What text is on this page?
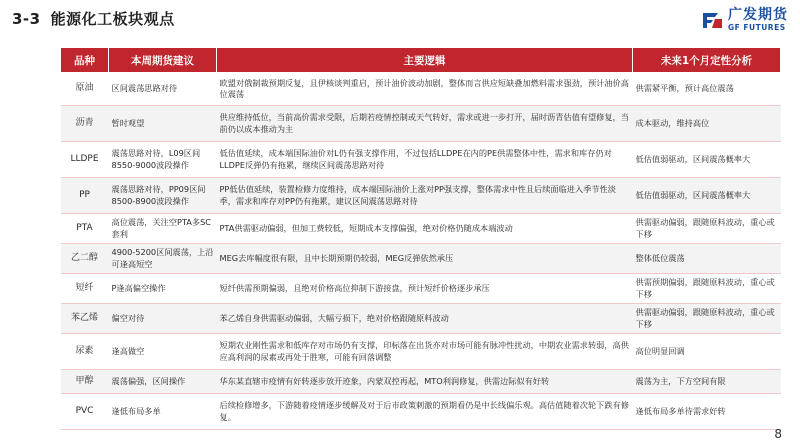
3-3 能源化工板块观点	广发期货
GF FUTURES
品种	本周期货建议	主要逻辑	未来1个月定性分析
原油	区间震荡思路对待	欧盟对俄制裁预期反复，且伊核谈判重启，预计油价波动加剧，整体而言供应短缺叠加燃料需求强劲，预计油价高位震荡	供需紧平衡，预计高位震荡
沥青	暂时观望	供应维持低位，当前高价需求受限，后期若疫情控制或天气转好，需求或进一步打开，届时沥青估值有望修复，当前仍以成本推动为主	成本驱动，维持高位
LLDPE	震荡思路对待，L09区间8550-9000波段操作	低估值延续，成本端国际油价对L仍有强支撑作用，不过包括LLDPE在内的PE供需整体中性，需求和库存仍对LLDPE反弹仍有拖累，继续区间震荡思路对待	低估值弱驱动，区间震荡概率大
PP	震荡思路对待，PP09区间8500-8900波段操作	PP低估值延续，装置检修力度维持，成本端国际油价上涨对PP强支撑，整体需求中性且后续面临进入季节性淡季，需求和库存对PP仍有拖累，建议区间震荡思路对待	低估值弱驱动，区间震荡概率大
PTA	高位震荡，关注空PTA多SC套利	PTA供需驱动偏弱，但加工费较低，短期成本支撑偏强，绝对价格仍随成本端波动	供需驱动偏弱，跟随原料波动，重心或下移
乙二醇	4900-5200区间震荡，上沿可逢高短空	MEG去库幅度很有限，且中长期预期仍较弱，MEG反弹依然承压	整体低位震荡
短纤	P逢高偏空操作	短纤供需预期偏弱，且绝对价格高位抑制下游接盘，预计短纤价格逐步承压	供需预期偏弱，跟随原料波动，重心或下移
苯乙烯	偏空对待	苯乙烯自身供需驱动偏弱，大幅亏损下，绝对价格跟随原料波动	供需驱动偏弱，跟随原料波动，重心或下移
尿素	逢高做空	短期农业刚性需求和低库存对市场仍有支撑，印标落在出货亦对市场可能有脉冲性扰动，中期农业需求转弱，高供应高利润的尿素或再处于胜寒，可能有回落调整	高位明显回调
甲醇	震荡偏强，区间操作	华东某直辖市疫情有好转逐步放开迹象，内蒙双控再起，MTO利润修复，供需边际似有好转	震荡为主，下方空间有限
PVC	逢低布局多单	后续检修增多，下游随着疫情逐步缓解及对于后市政策刺激的预期看仍是中长线偏乐观。高估值随着次轮下跌有修复。	逢低布局多单待需求好转
8
